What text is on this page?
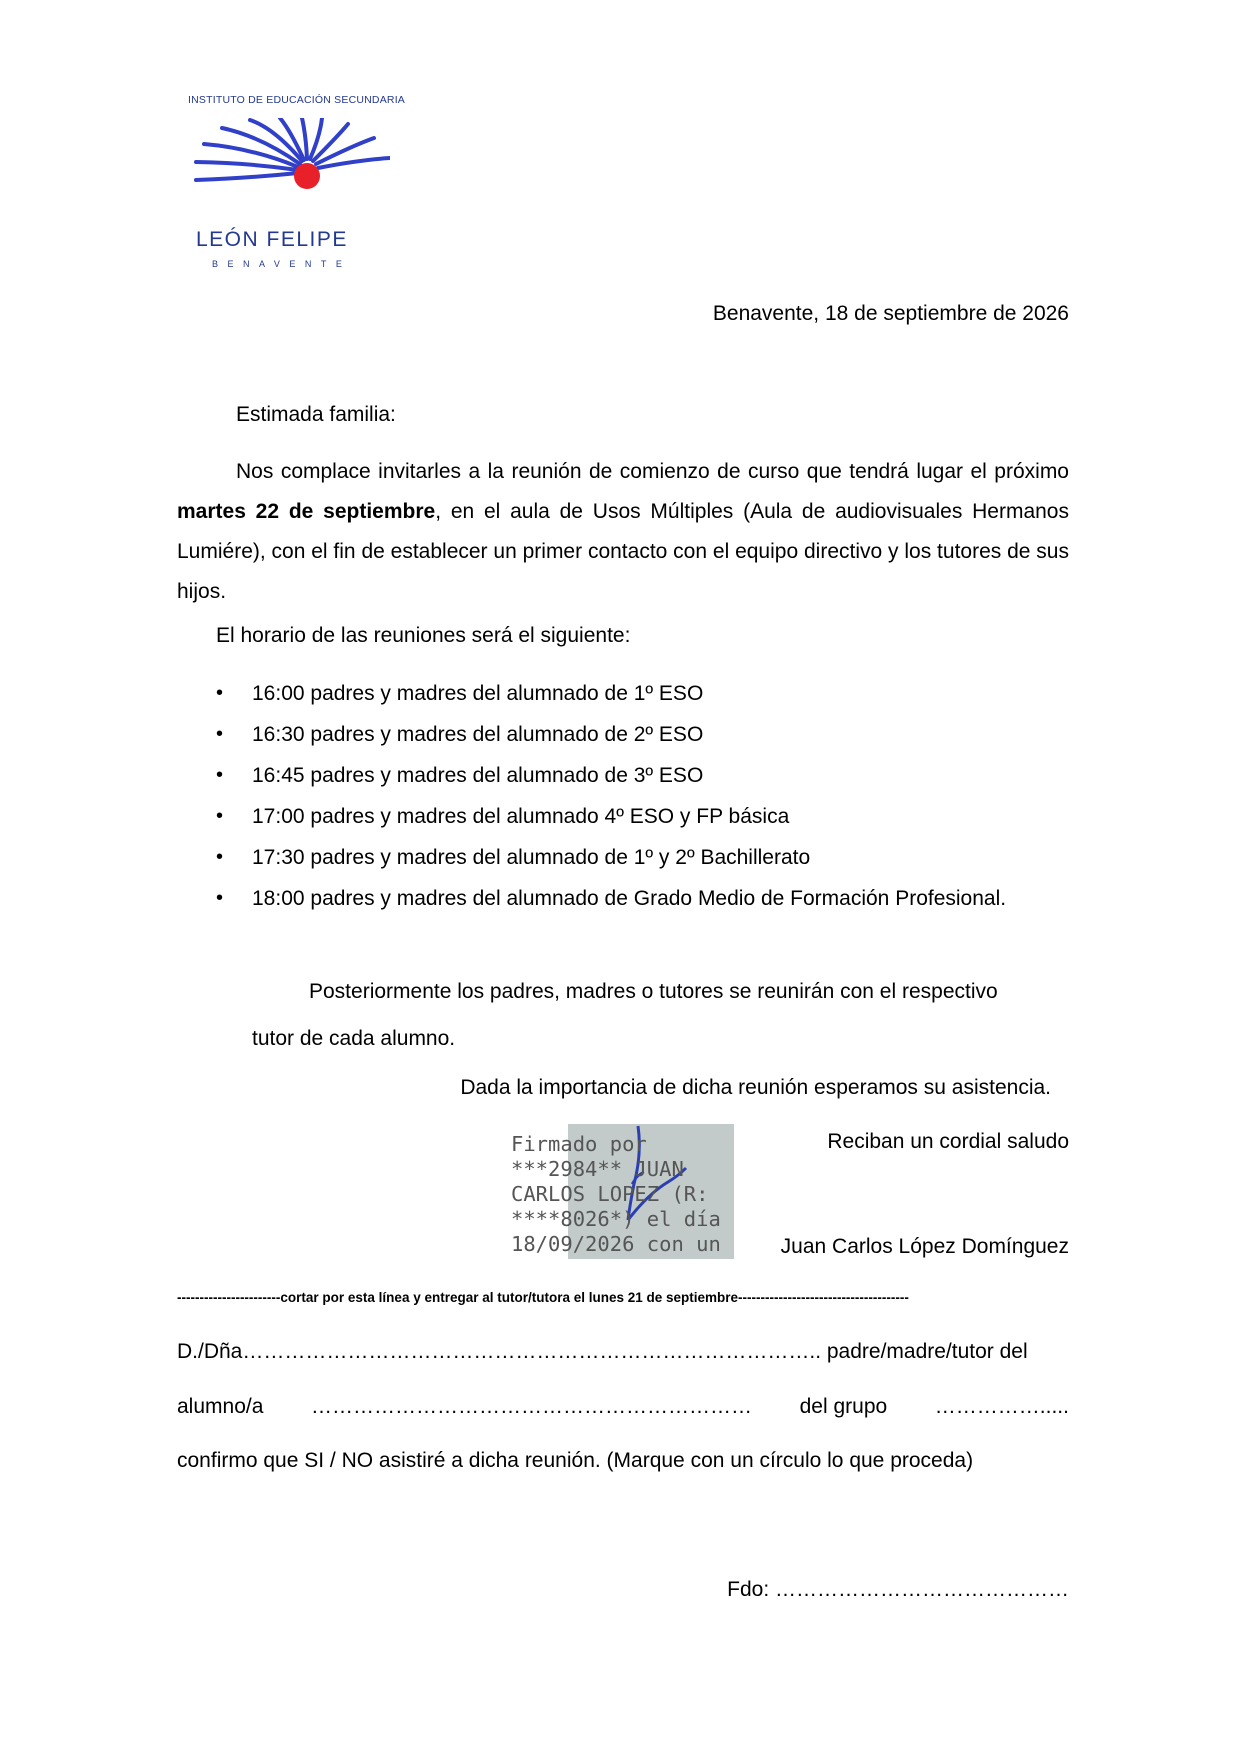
INSTITUTO DE EDUCACIÓN SECUNDARIA
LEÓN FELIPE
BENAVENTE
Benavente, 18 de septiembre de 2026
Estimada familia:
Nos complace invitarles a la reunión de comienzo de curso que tendrá lugar el próximo martes 22 de septiembre, en el aula de Usos Múltiples (Aula de audiovisuales Hermanos Lumiére), con el fin de establecer un primer contacto con el equipo directivo y los tutores de sus hijos.
El horario de las reuniones será el siguiente:
• 16:00 padres y madres del alumnado de 1º ESO
• 16:30 padres y madres del alumnado de 2º ESO
• 16:45 padres y madres del alumnado de 3º ESO
• 17:00 padres y madres del alumnado 4º ESO y FP básica
• 17:30 padres y madres del alumnado de 1º y 2º Bachillerato
• 18:00 padres y madres del alumnado de Grado Medio de Formación Profesional.
Posteriormente los padres, madres o tutores se reunirán con el respectivo
tutor de cada alumno.
Dada la importancia de dicha reunión esperamos su asistencia.
Reciban un cordial saludo
Firmado por
***2984** JUAN
CARLOS LOPEZ (R:
****8026*) el día
18/09/2026 con un	Juan Carlos López Domínguez
-----------------------cortar por esta línea y entregar al tutor/tutora el lunes 21 de septiembre--------------------------------------
D./Dña……………………………………………………………………….. padre/madre/tutor del
alumno/a ……………………………………………………… del grupo …………….....
confirmo que SI / NO asistiré a dicha reunión. (Marque con un círculo lo que proceda)
Fdo: ……………………………………
